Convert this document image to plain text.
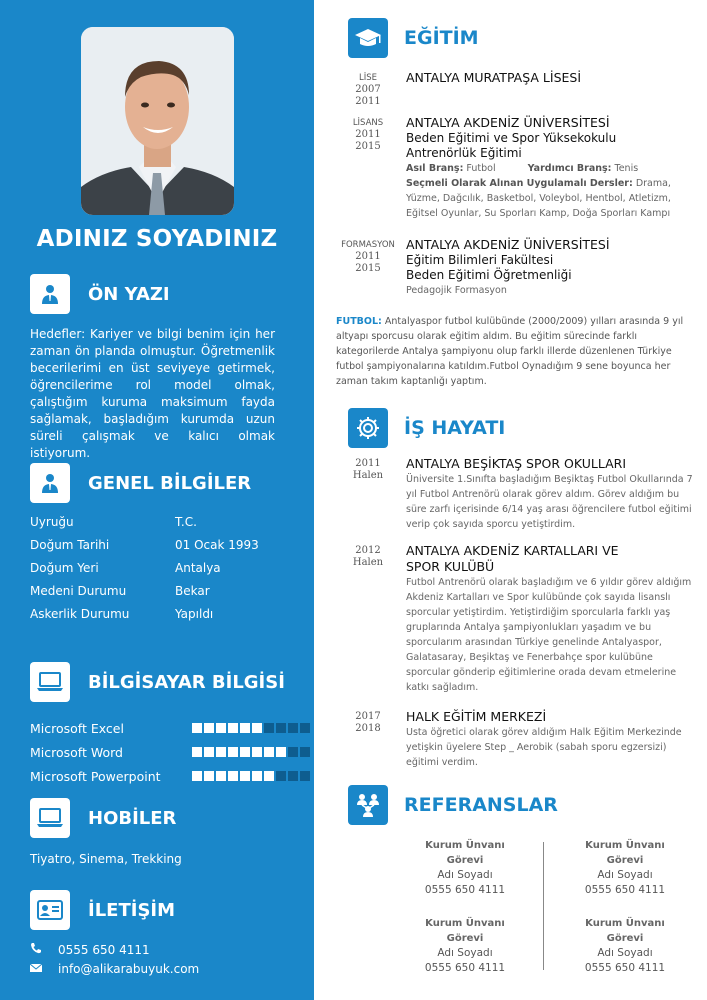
ADINIZ SOYADINIZ
ÖN YAZI
Hedefler: Kariyer ve bilgi benim için her zaman ön planda olmuştur. Öğretmenlik becerilerimi en üst seviyeye getirmek, öğrencilerime rol model olmak, çalıştığım kuruma maksimum fayda sağlamak, başladığım kurumda uzun süreli çalışmak ve kalıcı olmak istiyorum.
GENEL BİLGİLER
Uyruğu	T.C.
Doğum Tarihi	01 Ocak 1993
Doğum Yeri	Antalya
Medeni Durumu	Bekar
Askerlik Durumu	Yapıldı
BİLGİSAYAR BİLGİSİ
Microsoft Excel
Microsoft Word
Microsoft Powerpoint
HOBİLER
Tiyatro, Sinema, Trekking
İLETİŞİM
0555 650 4111
info@alikarabuyuk.com
EĞİTİM
LİSE
2007
2011
ANTALYA MURATPAŞA LİSESİ
LİSANS
2011
2015
ANTALYA AKDENİZ ÜNİVERSİTESİ
Beden Eğitimi ve Spor Yüksekokulu
Antrenörlük Eğitimi
Asıl Branş: Futbol	Yardımcı Branş: Tenis
Seçmeli Olarak Alınan Uygulamalı Dersler: Drama, Yüzme, Dağcılık, Basketbol, Voleybol, Hentbol, Atletizm, Eğitsel Oyunlar, Su Sporları Kamp, Doğa Sporları Kampı
FORMASYON
2011
2015
ANTALYA AKDENİZ ÜNİVERSİTESİ
Eğitim Bilimleri Fakültesi
Beden Eğitimi Öğretmenliği
Pedagojik Formasyon
FUTBOL: Antalyaspor futbol kulübünde (2000/2009) yılları arasında 9 yıl altyapı sporcusu olarak eğitim aldım. Bu eğitim sürecinde farklı kategorilerde Antalya şampiyonu olup farklı illerde düzenlenen Türkiye futbol şampiyonalarına katıldım.Futbol Oynadığım 9 sene boyunca her zaman takım kaptanlığı yaptım.
İŞ HAYATI
2011
Halen
ANTALYA BEŞİKTAŞ SPOR OKULLARI
Üniversite 1.Sınıfta başladığım Beşiktaş Futbol Okullarında 7 yıl Futbol Antrenörü olarak görev aldım. Görev aldığım bu süre zarfı içerisinde 6/14 yaş arası öğrencilere futbol eğitimi verip çok sayıda sporcu yetiştirdim.
2012
Halen
ANTALYA AKDENİZ KARTALLARI VE SPOR KULÜBÜ
Futbol Antrenörü olarak başladığım ve 6 yıldır görev aldığım Akdeniz Kartalları ve Spor kulübünde çok sayıda lisanslı sporcular yetiştirdim. Yetiştirdiğim sporcularla farklı yaş gruplarında Antalya şampiyonlukları yaşadım ve bu sporcularım arasından Türkiye genelinde Antalyaspor, Galatasaray, Beşiktaş ve Fenerbahçe spor kulübüne sporcular gönderip eğitimlerine orada devam etmelerine katkı sağladım.
2017
2018
HALK EĞİTİM MERKEZİ
Usta öğretici olarak görev aldığım Halk Eğitim Merkezinde yetişkin üyelere Step _ Aerobik (sabah sporu egzersizi) eğitimi verdim.
REFERANSLAR
Kurum Ünvanı
Görevi
Adı Soyadı
0555 650 4111
Kurum Ünvanı
Görevi
Adı Soyadı
0555 650 4111
Kurum Ünvanı
Görevi
Adı Soyadı
0555 650 4111
Kurum Ünvanı
Görevi
Adı Soyadı
0555 650 4111
